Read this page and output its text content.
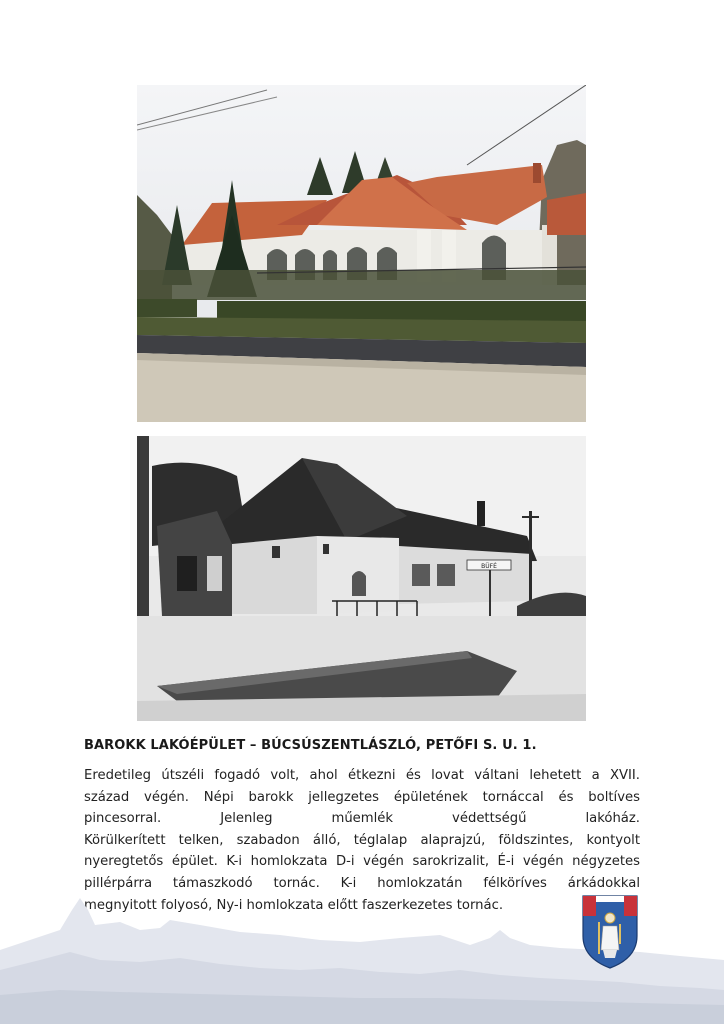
BÜFÉ
BAROKK LAKÓÉPÜLET – BÚCSÚSZENTLÁSZLÓ, PETŐFI S. U. 1.
Eredetileg útszéli fogadó volt, ahol étkezni és lovat váltani lehetett a XVII.
század végén. Népi barokk jellegzetes épületének tornáccal és boltíves
pincesorral. Jelenleg műemlék védettségű lakóház.
Körülkerített telken, szabadon álló, téglalap alaprajzú, földszintes, kontyolt
nyeregtetős épület. K-i homlokzata D-i végén sarokrizalit, É-i végén négyzetes
pillérpárra támaszkodó tornác. K-i homlokzatán félköríves árkádokkal
megnyitott folyosó, Ny-i homlokzata előtt faszerkezetes tornác.
